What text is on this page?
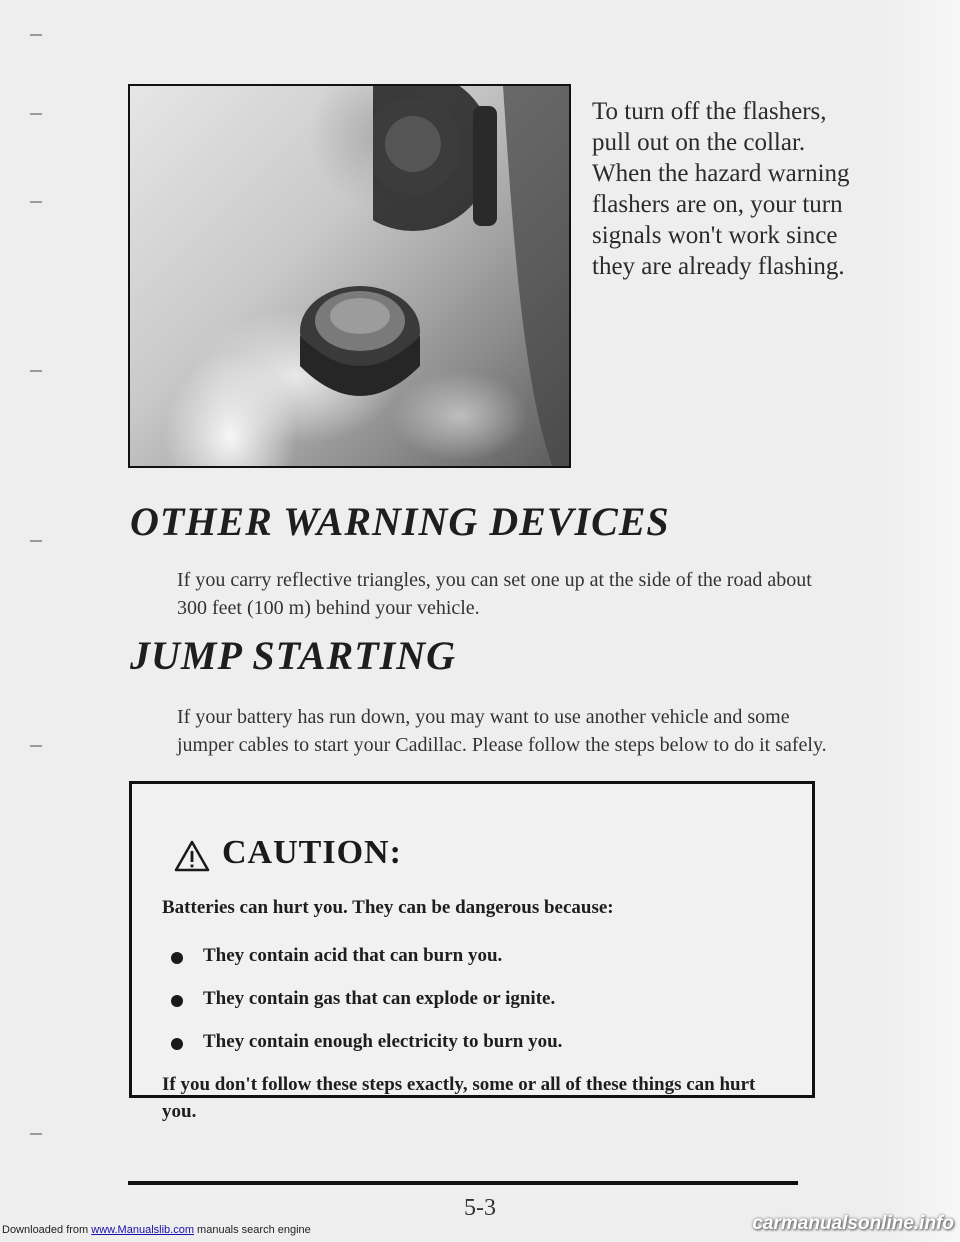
To turn off the flashers, pull out on the collar. When the hazard warning flashers are on, your turn signals won't work since they are already flashing.

OTHER WARNING DEVICES

If you carry reflective triangles, you can set one up at the side of the road about 300 feet (100 m) behind your vehicle.

JUMP STARTING

If your battery has run down, you may want to use another vehicle and some jumper cables to start your Cadillac. Please follow the steps below to do it safely.

CAUTION:

Batteries can hurt you. They can be dangerous because:

They contain acid that can burn you.

They contain gas that can explode or ignite.

They contain enough electricity to burn you.

If you don't follow these steps exactly, some or all of these things can hurt you.

5-3

Downloaded from www.Manualslib.com manuals search engine	carmanualsonline.info
